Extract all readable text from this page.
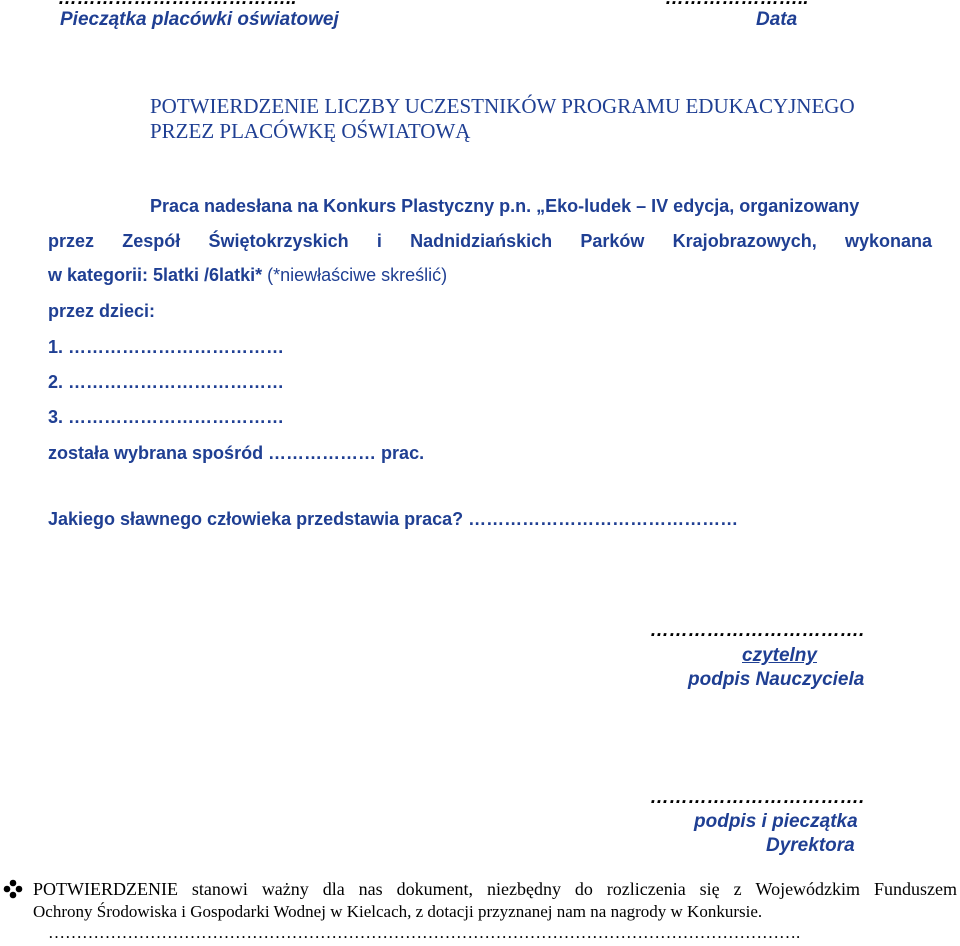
Pieczątka placówki oświatowej	Data
POTWIERDZENIE LICZBY UCZESTNIKÓW PROGRAMU EDUKACYJNEGO
PRZEZ PLACÓWKĘ OŚWIATOWĄ
Praca nadesłana na Konkurs Plastyczny p.n. „Eko-ludek – IV edycja, organizowany
przez Zespół Świętokrzyskich i Nadnidziańskich Parków Krajobrazowych, wykonana
w kategorii: 5latki /6latki* (*niewłaściwe skreślić)
przez dzieci:
1. ………………………………
2. ………………………………
3. ………………………………
została wybrana spośród ……………… prac.
Jakiego sławnego człowieka przedstawia praca? ………………………………………
…………………………….
czytelny
podpis Nauczyciela
…………………………….
podpis i pieczątka
Dyrektora
POTWIERDZENIE stanowi ważny dla nas dokument, niezbędny do rozliczenia się z Wojewódzkim Funduszem
Ochrony Środowiska i Gospodarki Wodnej w Kielcach, z dotacji przyznanej nam na nagrody w Konkursie.
…………………………………………………………………………………………………………………….
